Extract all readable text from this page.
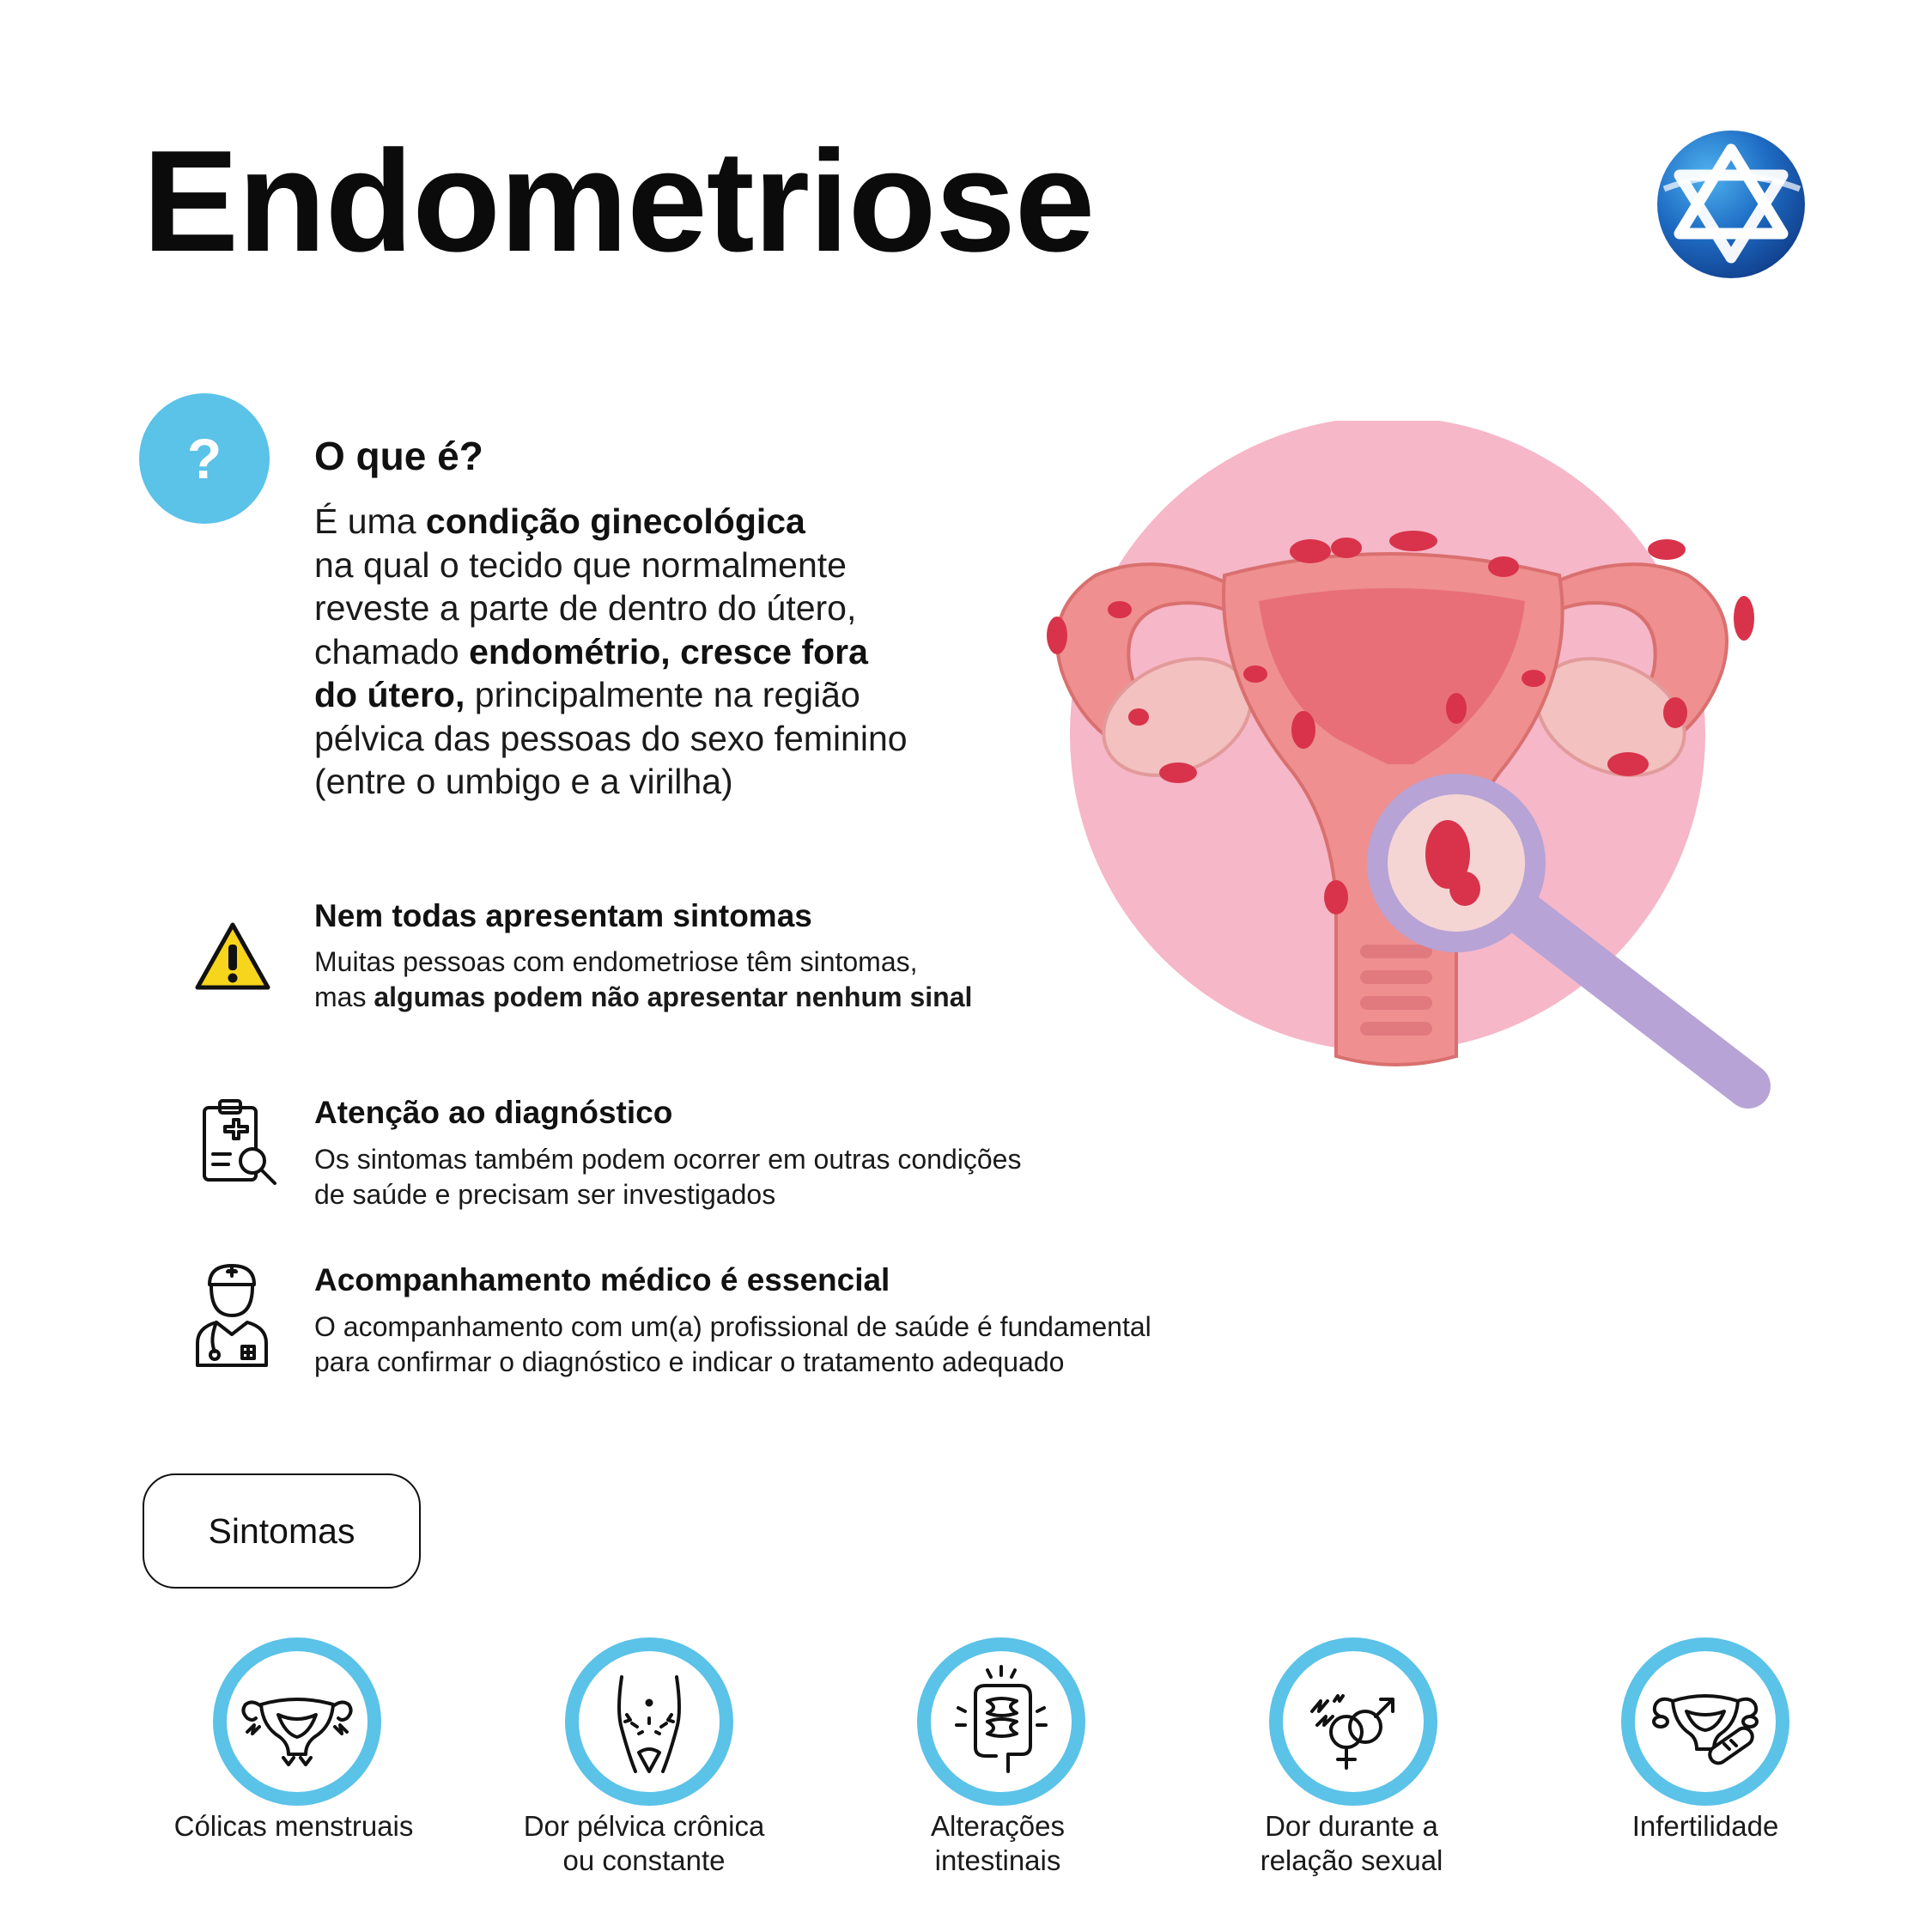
Endometriose
?	O que é?
É uma condição ginecológica
na qual o tecido que normalmente
reveste a parte de dentro do útero,
chamado endométrio, cresce fora
do útero, principalmente na região
pélvica das pessoas do sexo feminino
(entre o umbigo e a virilha)
Nem todas apresentam sintomas
Muitas pessoas com endometriose têm sintomas,
mas algumas podem não apresentar nenhum sinal
Atenção ao diagnóstico
Os sintomas também podem ocorrer em outras condições
de saúde e precisam ser investigados
Acompanhamento médico é essencial
O acompanhamento com um(a) profissional de saúde é fundamental
para confirmar o diagnóstico e indicar o tratamento adequado
Sintomas
Cólicas menstruais	Dor pélvica crônica
ou constante
Alterações
intestinais
Dor durante a
relação sexual
Infertilidade
